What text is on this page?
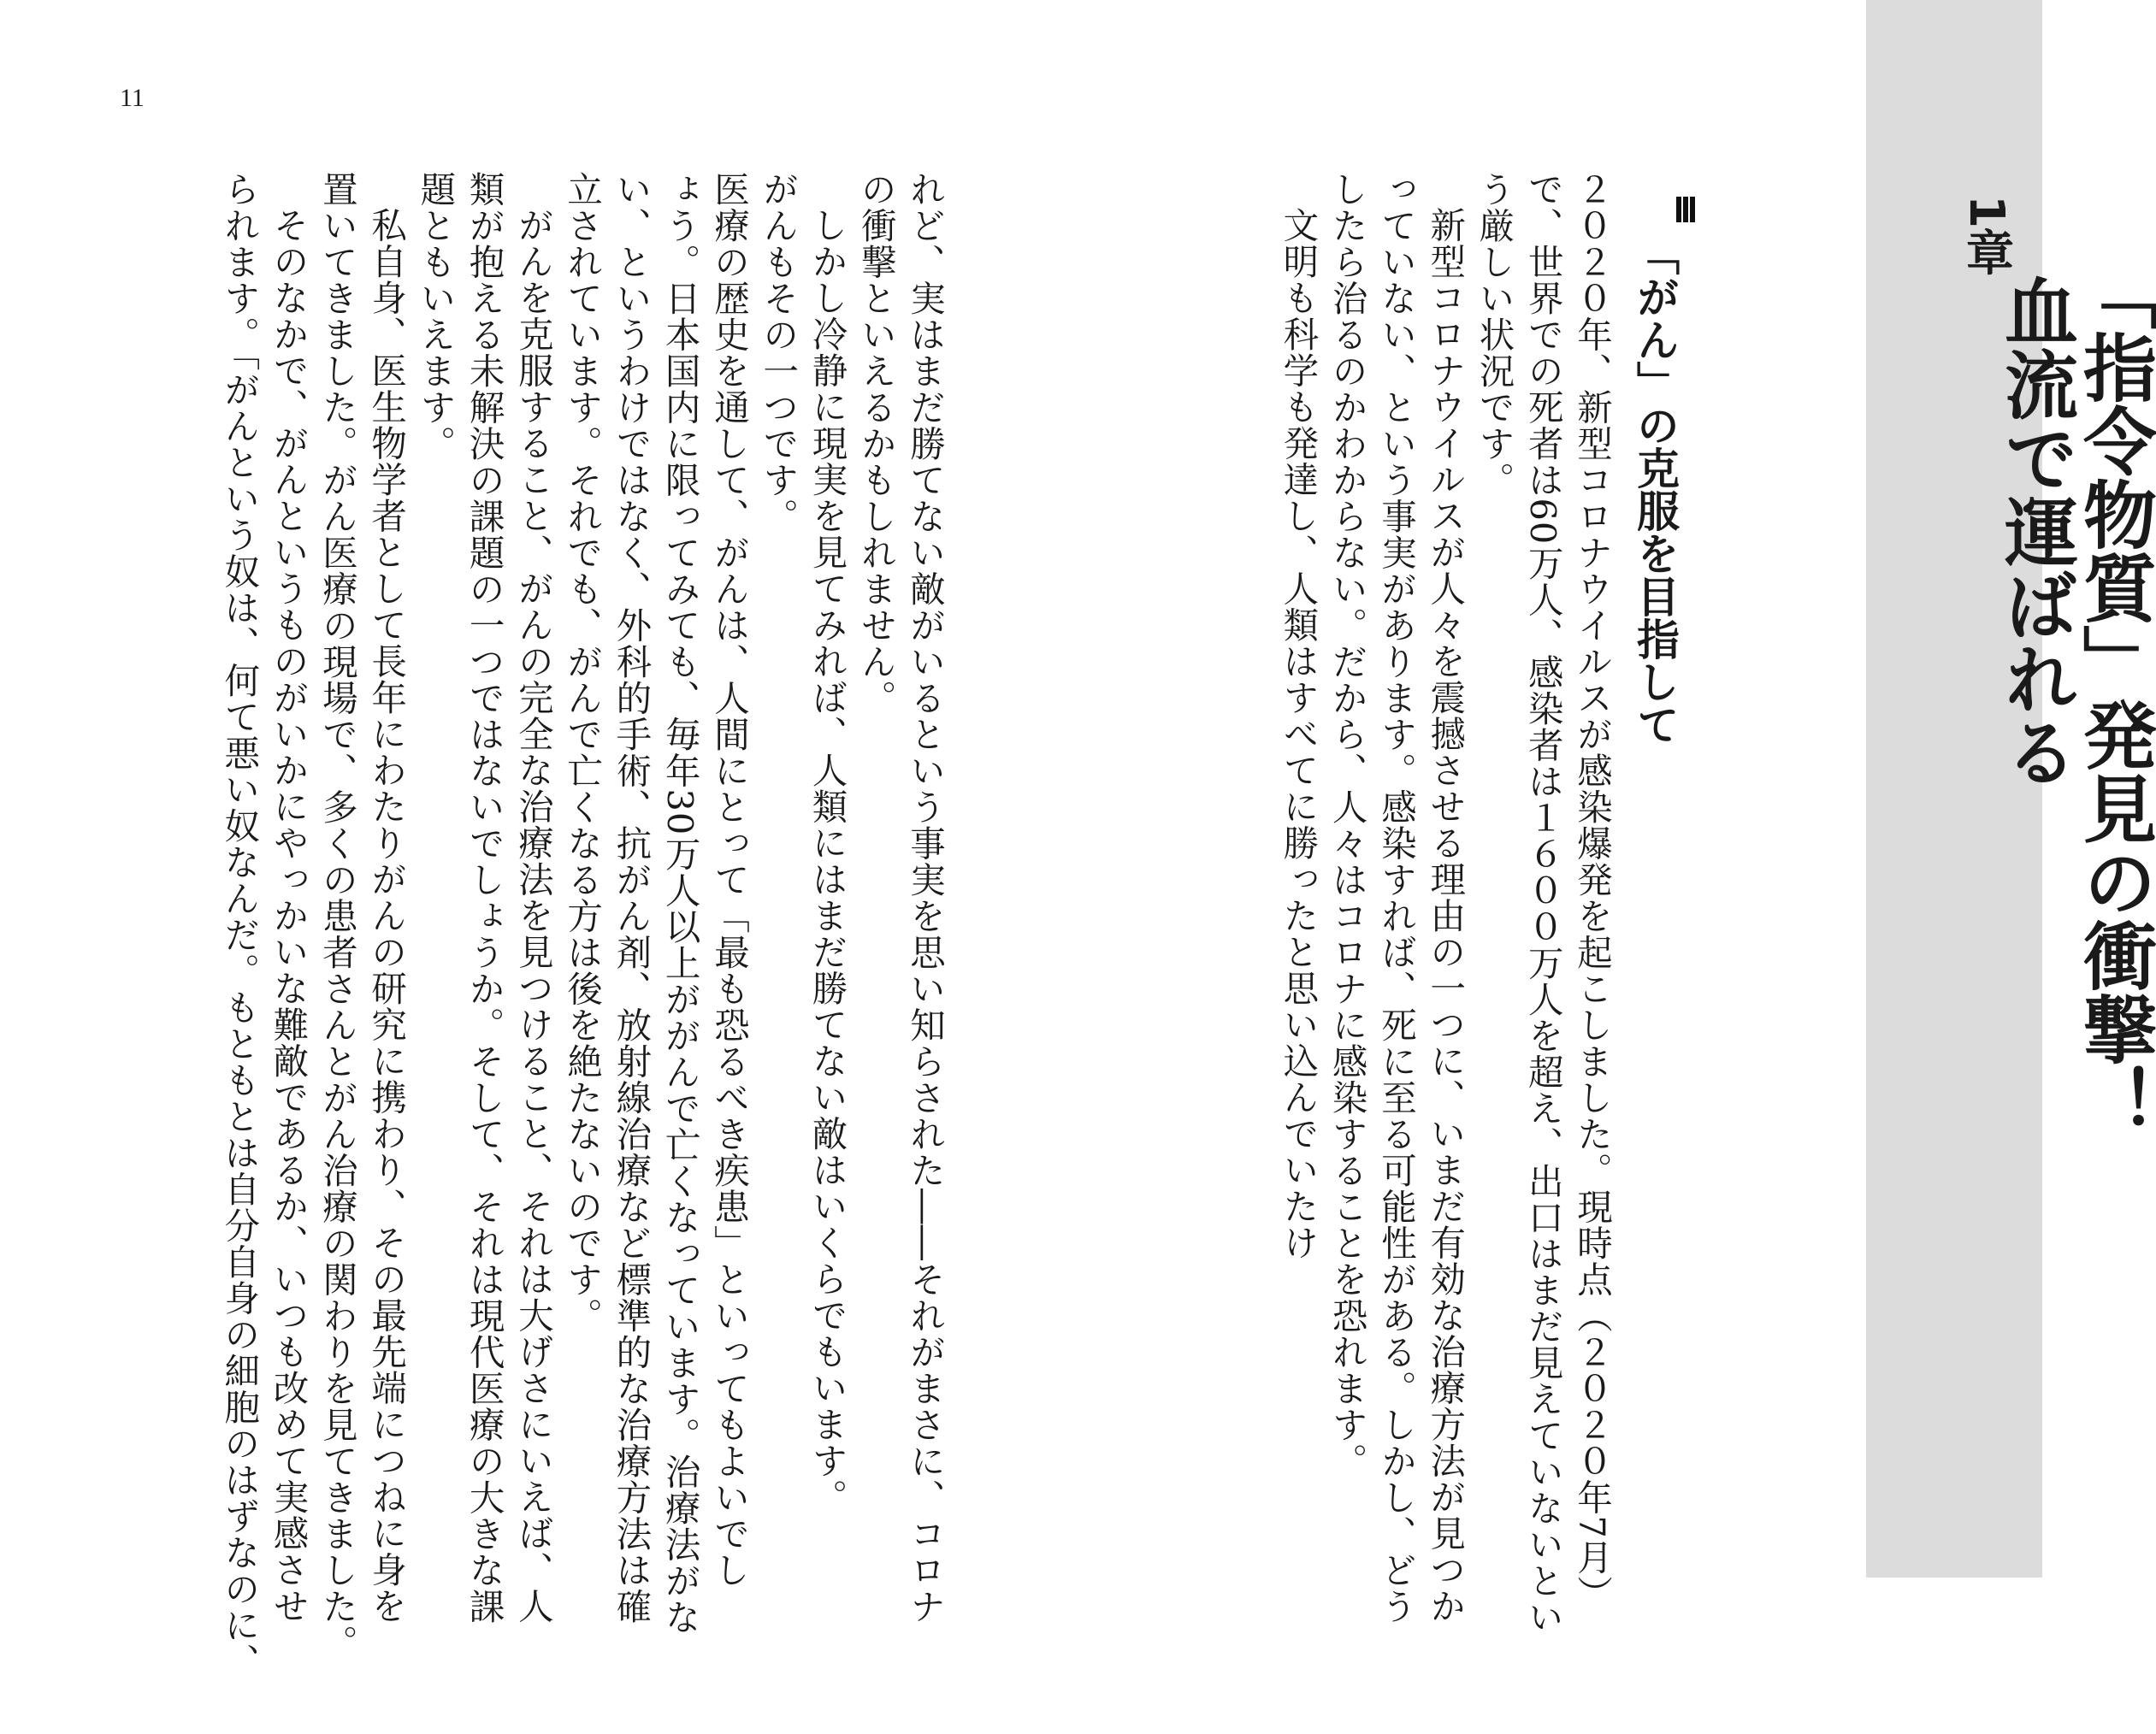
11
1章
血流で運ばれる
「指令物質」発見の衝撃！
「がん」の克服を目指して
２０２０年、新型コロナウイルスが感染爆発を起こしました。現時点（２０２０年7月）
で、世界での死者は60万人、感染者は１６００万人を超え、出口はまだ見えていないとい
う厳しい状況です。
新型コロナウイルスが人々を震撼させる理由の一つに、いまだ有効な治療方法が見つか
っていない、という事実があります。感染すれば、死に至る可能性がある。しかし、どう
したら治るのかわからない。だから、人々はコロナに感染することを恐れます。
文明も科学も発達し、人類はすべてに勝ったと思い込んでいたけ
れど、実はまだ勝てない敵がいるという事実を思い知らされた――それがまさに、コロナ
の衝撃といえるかもしれません。
しかし冷静に現実を見てみれば、人類にはまだ勝てない敵はいくらでもいます。
がんもその一つです。
医療の歴史を通して、がんは、人間にとって「最も恐るべき疾患」といってもよいでし
ょう。日本国内に限ってみても、毎年30万人以上ががんで亡くなっています。治療法がな
い、というわけではなく、外科的手術、抗がん剤、放射線治療など標準的な治療方法は確
立されています。それでも、がんで亡くなる方は後を絶たないのです。
がんを克服すること、がんの完全な治療法を見つけること、それは大げさにいえば、人
類が抱える未解決の課題の一つではないでしょうか。そして、それは現代医療の大きな課
題ともいえます。
私自身、医生物学者として長年にわたりがんの研究に携わり、その最先端につねに身を
置いてきました。がん医療の現場で、多くの患者さんとがん治療の関わりを見てきました。
そのなかで、がんというものがいかにやっかいな難敵であるか、いつも改めて実感させ
られます。「がんという奴は、何て悪い奴なんだ。もともとは自分自身の細胞のはずなのに、
